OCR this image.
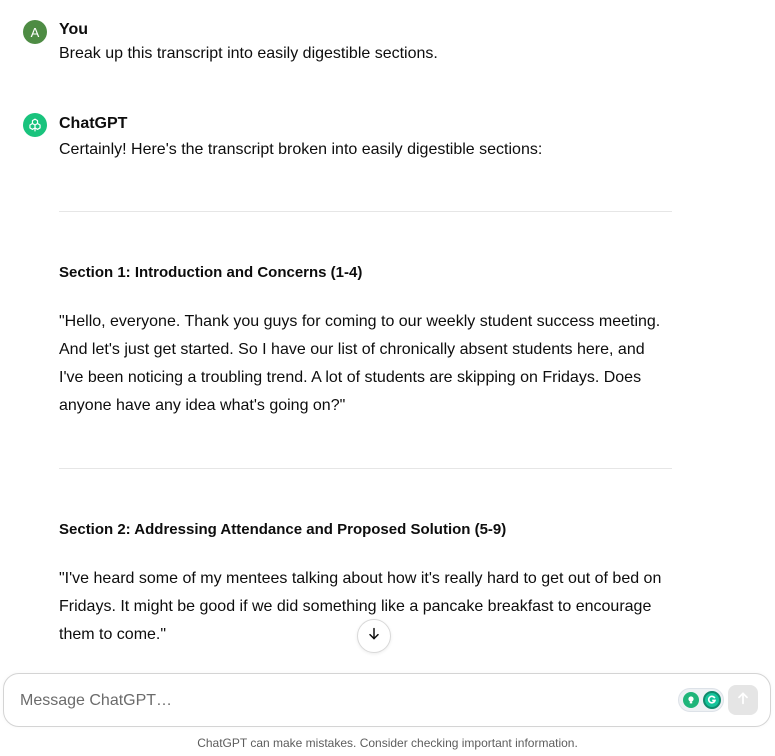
A You
Break up this transcript into easily digestible sections.
ChatGPT
Certainly! Here's the transcript broken into easily digestible sections:
Section 1: Introduction and Concerns (1-4)
"Hello, everyone. Thank you guys for coming to our weekly student success meeting. And let's just get started. So I have our list of chronically absent students here, and I've been noticing a troubling trend. A lot of students are skipping on Fridays. Does anyone have any idea what's going on?"
Section 2: Addressing Attendance and Proposed Solution (5-9)
"I've heard some of my mentees talking about how it's really hard to get out of bed on Fridays. It might be good if we did something like a pancake breakfast to encourage them to come."
Message ChatGPT…
ChatGPT can make mistakes. Consider checking important information.
